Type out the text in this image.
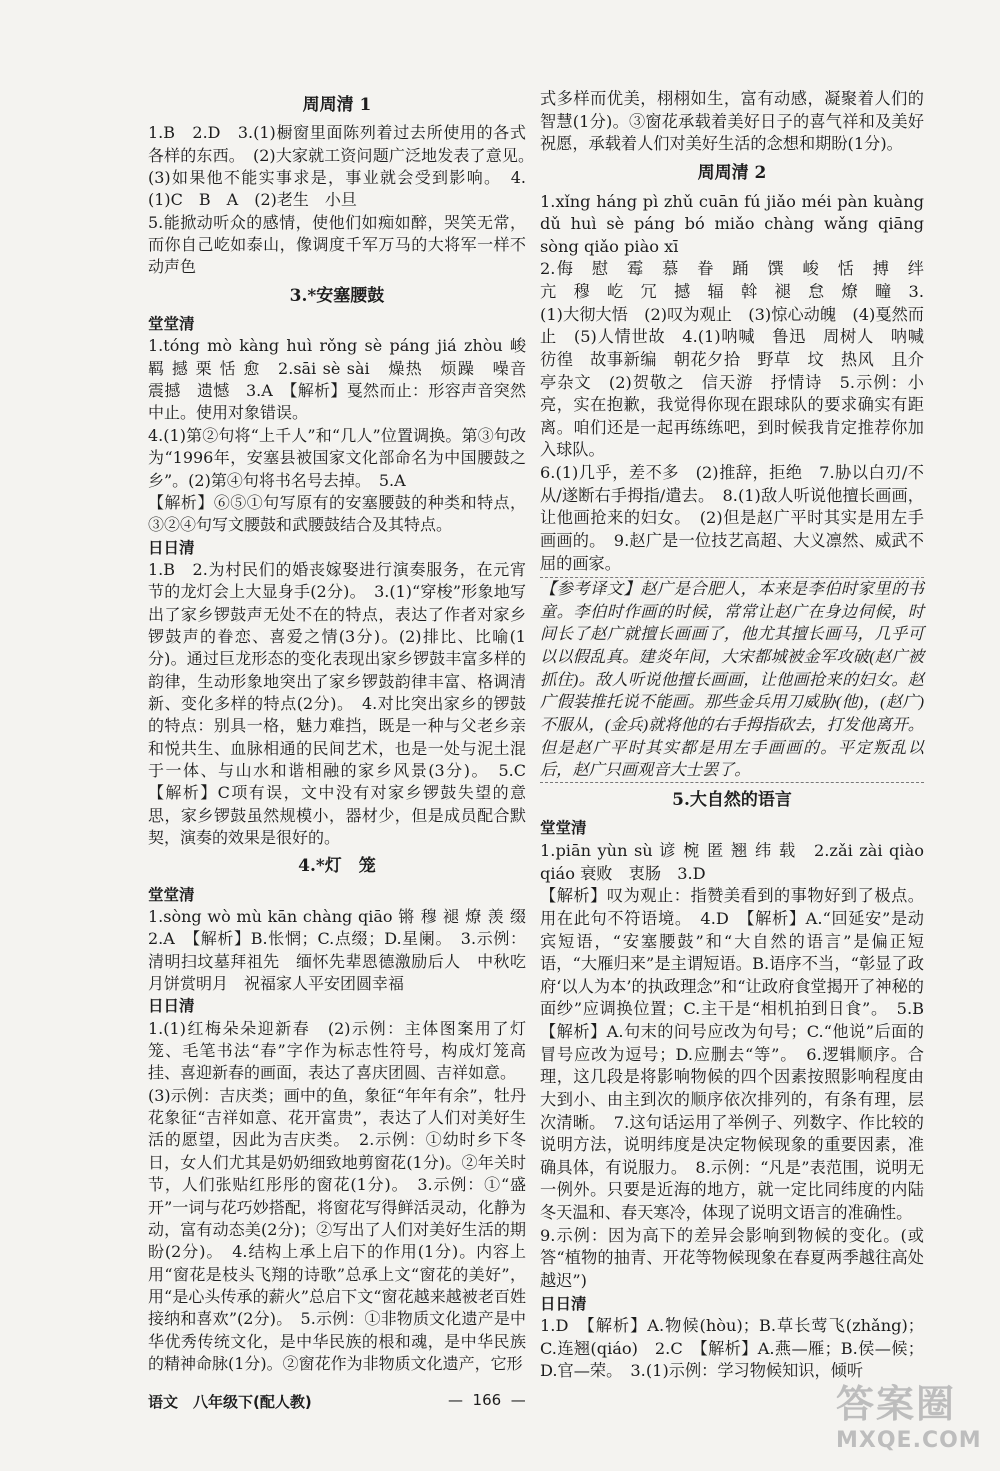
周周清 1

1.B　2.D　3.(1)橱窗里面陈列着过去所使用的各式各样的东西。　(2)大家就工资问题广泛地发表了意见。　(3)如果他不能实事求是，事业就会受到影响。　4.(1)C　B　A　(2)老生　小旦

5.能掀动听众的感情，使他们如痴如醉，哭笑无常，而你自己屹如泰山，像调度千军万马的大将军一样不动声色

3.*安塞腰鼓

堂堂清

1.tóng mò kàng huì rǒng sè páng jiá zhòu 峻 羁 撼 栗 恬 愈　2.sāi sè sài　燥热　烦躁　噪音　震撼　遗憾　3.A　【解析】戛然而止：形容声音突然中止。使用对象错误。

4.(1)第②句将“上千人”和“几人”位置调换。第③句改为“1996年，安塞县被国家文化部命名为中国腰鼓之乡”。(2)第④句将书名号去掉。　5.A

【解析】⑥⑤①句写原有的安塞腰鼓的种类和特点，③②④句写文腰鼓和武腰鼓结合及其特点。

日日清

1.B　2.为村民们的婚丧嫁娶进行演奏服务，在元宵节的龙灯会上大显身手(2分)。　3.(1)“穿梭”形象地写出了家乡锣鼓声无处不在的特点，表达了作者对家乡锣鼓声的眷恋、喜爱之情(3分)。(2)排比、比喻(1分)。通过巨龙形态的变化表现出家乡锣鼓丰富多样的韵律，生动形象地突出了家乡锣鼓韵律丰富、格调清新、变化多样的特点(2分)。　4.对比突出家乡的锣鼓的特点：别具一格，魅力难挡，既是一种与父老乡亲和悦共生、血脉相通的民间艺术，也是一处与泥土混于一体、与山水和谐相融的家乡风景(3分)。　5.C　【解析】C项有误，文中没有对家乡锣鼓失望的意思，家乡锣鼓虽然规模小，器材少，但是成员配合默契，演奏的效果是很好的。

4.*灯　笼

堂堂清

1.sòng wò mù kān chàng qiāo 锵 穆 褪 燎 羡 缀　2.A　【解析】B.怅惘；C.点缀；D.星阑。　3.示例：清明扫坟墓拜祖先　缅怀先辈恩德激励后人　中秋吃月饼赏明月　祝福家人平安团圆幸福

日日清

1.(1)红梅朵朵迎新春　(2)示例：主体图案用了灯笼、毛笔书法“春”字作为标志性符号，构成灯笼高挂、喜迎新春的画面，表达了喜庆团圆、吉祥如意。

(3)示例：吉庆类；画中的鱼，象征“年年有余”，牡丹花象征“吉祥如意、花开富贵”，表达了人们对美好生活的愿望，因此为吉庆类。　2.示例：①幼时乡下冬日，女人们尤其是奶奶细致地剪窗花(1分)。②年关时节，人们张贴红彤彤的窗花(1分)。　3.示例：①“盛开”一词与花巧妙搭配，将窗花写得鲜活灵动，化静为动，富有动态美(2分)；②写出了人们对美好生活的期盼(2分)。　4.结构上承上启下的作用(1分)。内容上用“窗花是枝头飞翔的诗歌”总承上文“窗花的美好”，用“是心头传承的薪火”总启下文“窗花越来越被老百姓接纳和喜欢”(2分)。　5.示例：①非物质文化遗产是中华优秀传统文化，是中华民族的根和魂，是中华民族的精神命脉(1分)。②窗花作为非物质文化遗产，它形

式多样而优美，栩栩如生，富有动感，凝聚着人们的智慧(1分)。③窗花承载着美好日子的喜气祥和及美好祝愿，承载着人们对美好生活的念想和期盼(1分)。

周周清 2

1.xǐng háng pì zhǔ cuān fú jiǎo méi pàn kuàng dǔ huì sè páng bó miǎo chàng wǎng qiāng sòng qiǎo piào xī

2.侮　慰　霉　慕　眷　踊　馔　峻　恬　搏　绊　亢　穆　屹　冗　撼　辐　斡　褪　怠　燎　疃　3.(1)大彻大悟　(2)叹为观止　(3)惊心动魄　(4)戛然而止　(5)人情世故　4.(1)呐喊　鲁迅　周树人　呐喊　彷徨　故事新编　朝花夕拾　野草　坟　热风　且介亭杂文　(2)贺敬之　信天游　抒情诗　5.示例：小亮，实在抱歉，我觉得你现在跟球队的要求确实有距离。咱们还是一起再练练吧，到时候我肯定推荐你加入球队。

6.(1)几乎，差不多　(2)推辞，拒绝　7.胁以白刃/不从/遂断右手拇指/遣去。　8.(1)敌人听说他擅长画画，让他画抢来的妇女。　(2)但是赵广平时其实是用左手画画的。　9.赵广是一位技艺高超、大义凛然、威武不屈的画家。

【参考译文】赵广是合肥人，本来是李伯时家里的书童。李伯时作画的时候，常常让赵广在身边伺候，时间长了赵广就擅长画画了，他尤其擅长画马，几乎可以以假乱真。建炎年间，大宋都城被金军攻破(赵广被抓住)。敌人听说他擅长画画，让他画抢来的妇女。赵广假装推托说不能画。那些金兵用刀威胁(他)，(赵广)不服从，(金兵)就将他的右手拇指砍去，打发他离开。但是赵广平时其实都是用左手画画的。平定叛乱以后，赵广只画观音大士罢了。

5.大自然的语言

堂堂清

1.piān yùn sù 谚 椀 匿 翘 纬 载　2.zǎi zài qiào qiáo 衰败　衷肠　3.D

【解析】叹为观止：指赞美看到的事物好到了极点。用在此句不符语境。　4.D　【解析】A.“回延安”是动宾短语，“安塞腰鼓”和“大自然的语言”是偏正短语，“大雁归来”是主谓短语。B.语序不当，“彰显了政府‘以人为本’的执政理念”和“让政府食堂揭开了神秘的面纱”应调换位置；C.主干是“相机拍到日食”。　5.B　【解析】A.句末的问号应改为句号；C.“他说”后面的冒号应改为逗号；D.应删去“等”。　6.逻辑顺序。合理，这几段是将影响物候的四个因素按照影响程度由大到小、由主到次的顺序依次排列的，有条有理，层次清晰。　7.这句话运用了举例子、列数字、作比较的说明方法，说明纬度是决定物候现象的重要因素，准确具体，有说服力。　8.示例：“凡是”表范围，说明无一例外。只要是近海的地方，就一定比同纬度的内陆冬天温和、春天寒冷，体现了说明文语言的准确性。

9.示例：因为高下的差异会影响到物候的变化。(或答“植物的抽青、开花等物候现象在春夏两季越往高处越迟”)

日日清

1.D　【解析】A.物候(hòu)；B.草长莺飞(zhǎng)；C.连翘(qiáo)　2.C　【解析】A.燕—雁；B.侯—候；D.官—荣。　3.(1)示例：学习物候知识，倾听

语文　八年级下(配人教)	—  166  —	答案圈
MXQE.COM
